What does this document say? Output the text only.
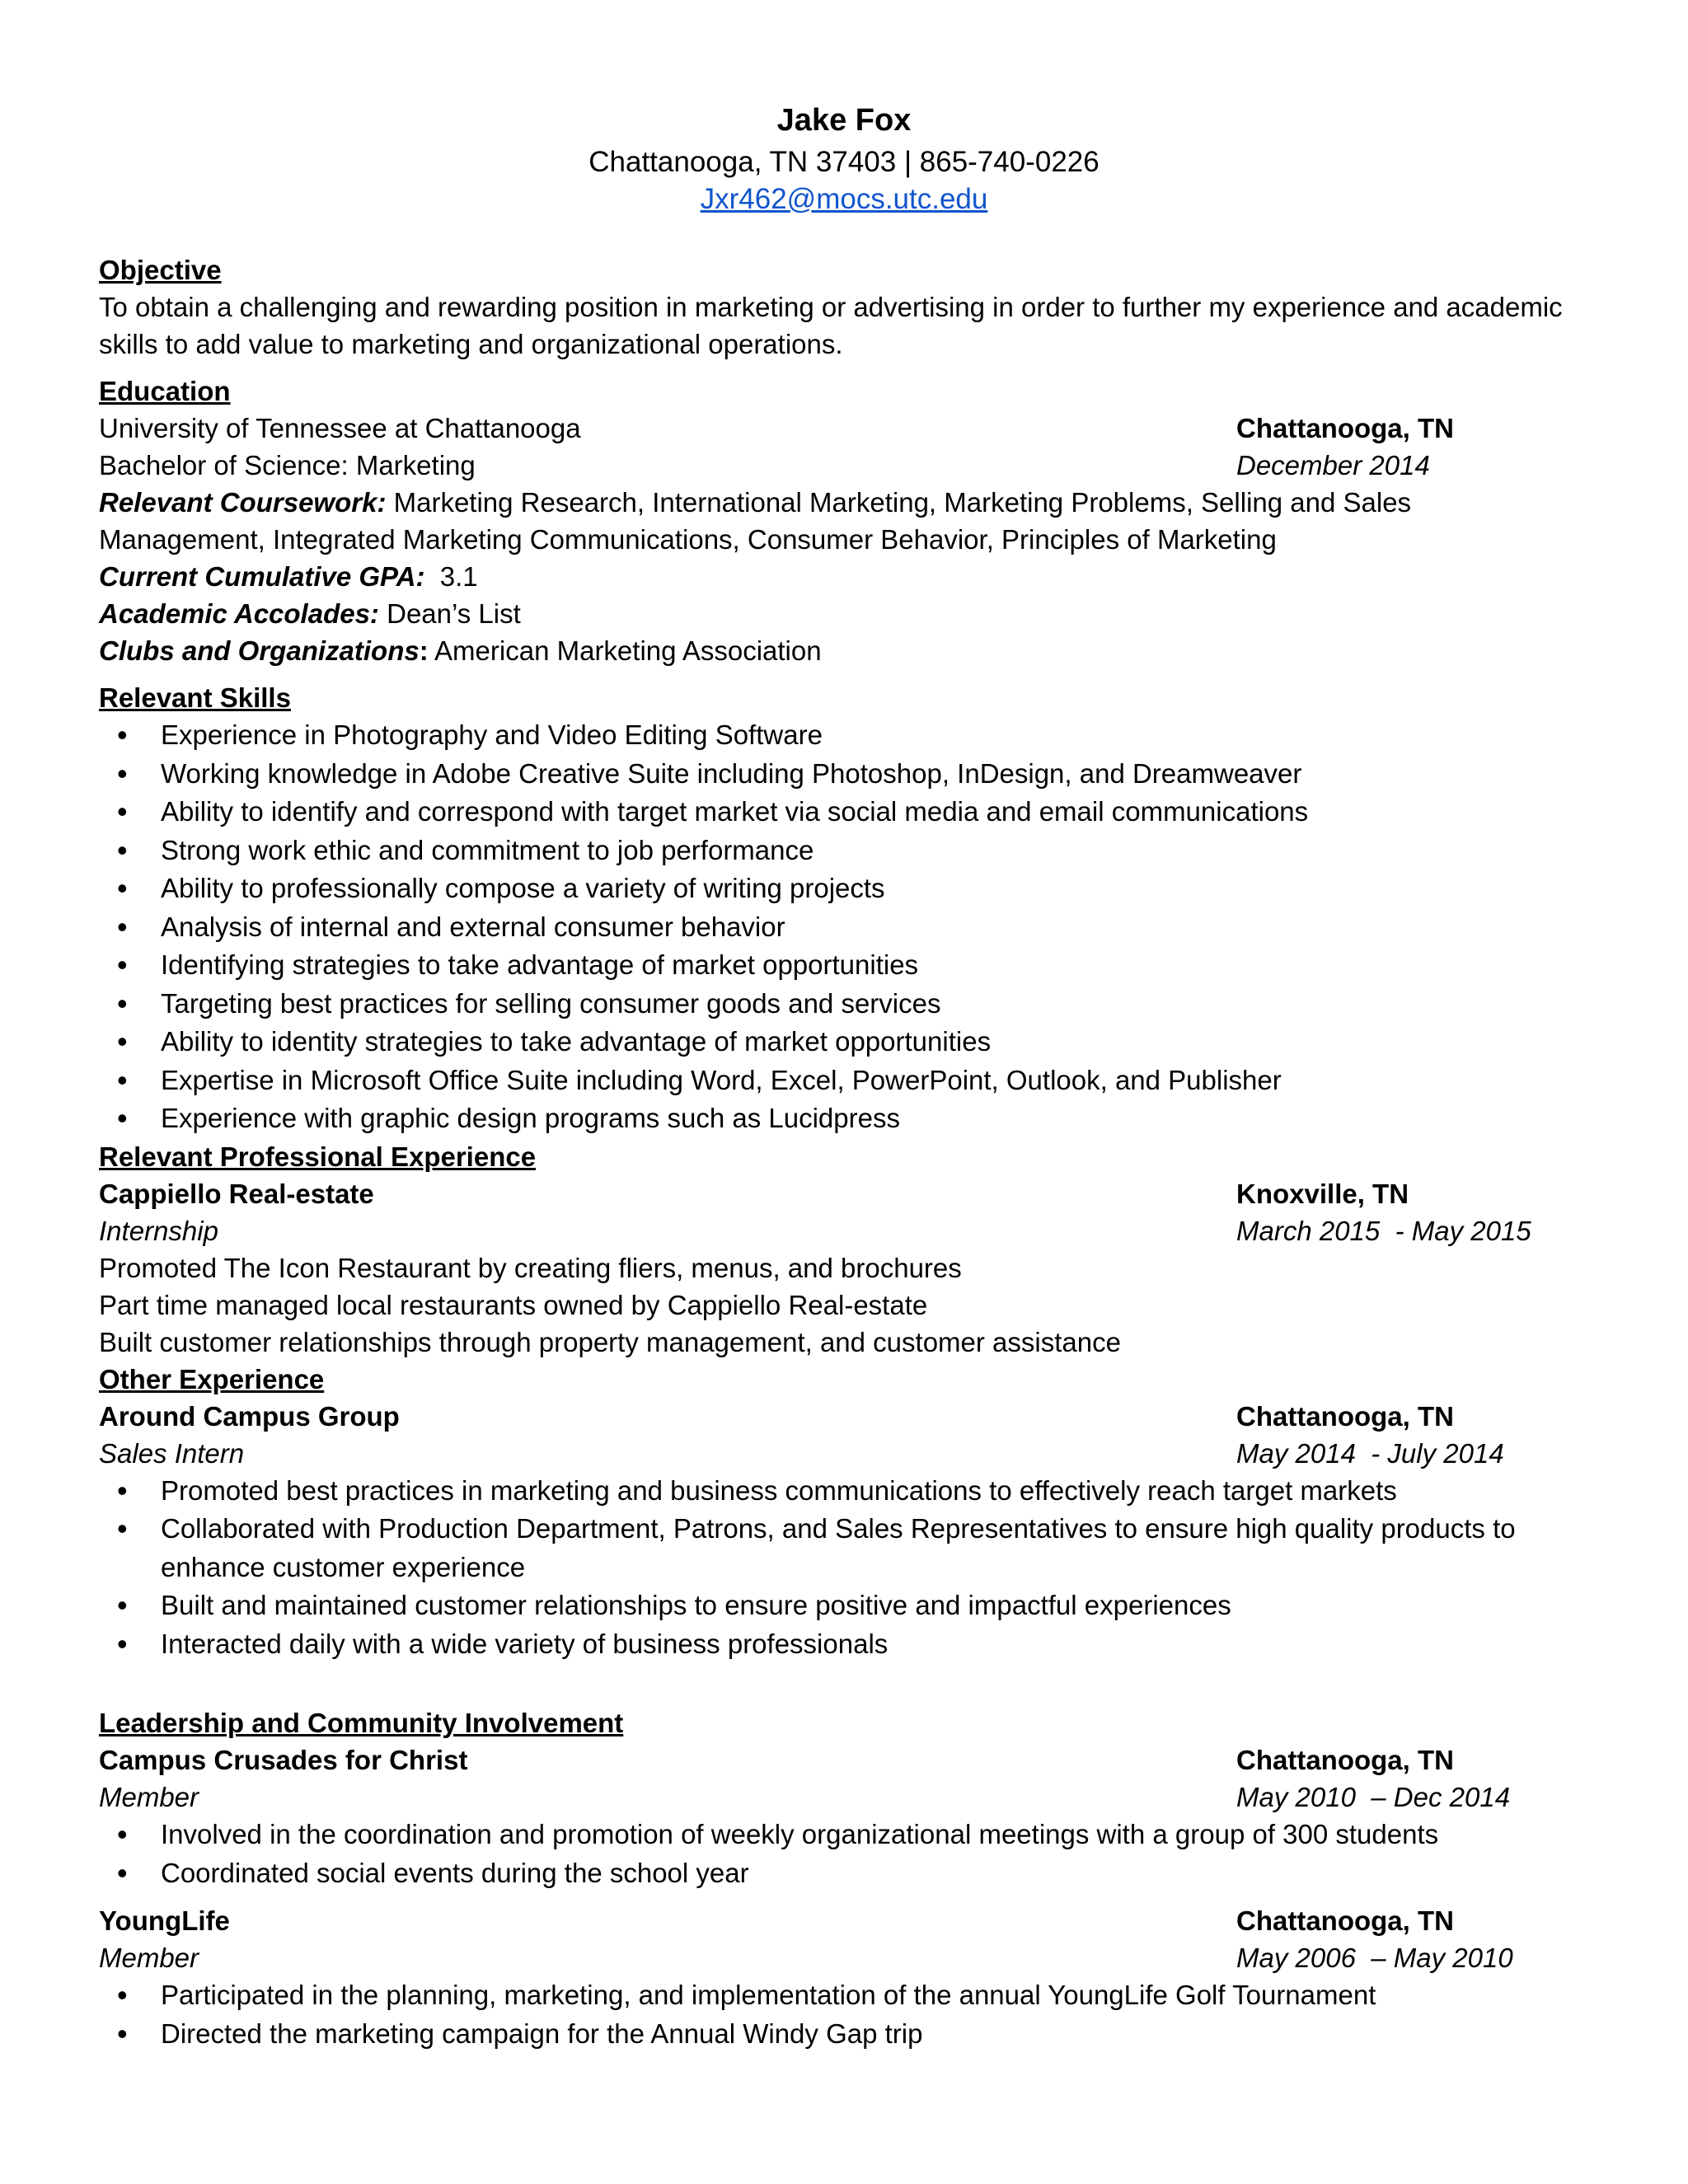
Jake Fox
Chattanooga, TN 37403 | 865-740-0226
Jxr462@mocs.utc.edu
Objective
To obtain a challenging and rewarding position in marketing or advertising in order to further my experience and academic skills to add value to marketing and organizational operations.
Education
University of Tennessee at Chattanooga	Chattanooga, TN
Bachelor of Science: Marketing	December 2014
Relevant Coursework: Marketing Research, International Marketing, Marketing Problems, Selling and Sales Management, Integrated Marketing Communications, Consumer Behavior, Principles of Marketing
Current Cumulative GPA:  3.1
Academic Accolades: Dean’s List
Clubs and Organizations: American Marketing Association
Relevant Skills
• Experience in Photography and Video Editing Software
• Working knowledge in Adobe Creative Suite including Photoshop, InDesign, and Dreamweaver
• Ability to identify and correspond with target market via social media and email communications
• Strong work ethic and commitment to job performance
• Ability to professionally compose a variety of writing projects
• Analysis of internal and external consumer behavior
• Identifying strategies to take advantage of market opportunities
• Targeting best practices for selling consumer goods and services
• Ability to identity strategies to take advantage of market opportunities
• Expertise in Microsoft Office Suite including Word, Excel, PowerPoint, Outlook, and Publisher
• Experience with graphic design programs such as Lucidpress
Relevant Professional Experience
Cappiello Real-estate	Knoxville, TN
Internship	March 2015  - May 2015
Promoted The Icon Restaurant by creating fliers, menus, and brochures
Part time managed local restaurants owned by Cappiello Real-estate
Built customer relationships through property management, and customer assistance
Other Experience
Around Campus Group	Chattanooga, TN
Sales Intern	May 2014  - July 2014
• Promoted best practices in marketing and business communications to effectively reach target markets
• Collaborated with Production Department, Patrons, and Sales Representatives to ensure high quality products to enhance customer experience
• Built and maintained customer relationships to ensure positive and impactful experiences
• Interacted daily with a wide variety of business professionals
Leadership and Community Involvement
Campus Crusades for Christ	Chattanooga, TN
Member	May 2010  – Dec 2014
• Involved in the coordination and promotion of weekly organizational meetings with a group of 300 students
• Coordinated social events during the school year
YoungLife	Chattanooga, TN
Member	May 2006  – May 2010
• Participated in the planning, marketing, and implementation of the annual YoungLife Golf Tournament
• Directed the marketing campaign for the Annual Windy Gap trip
